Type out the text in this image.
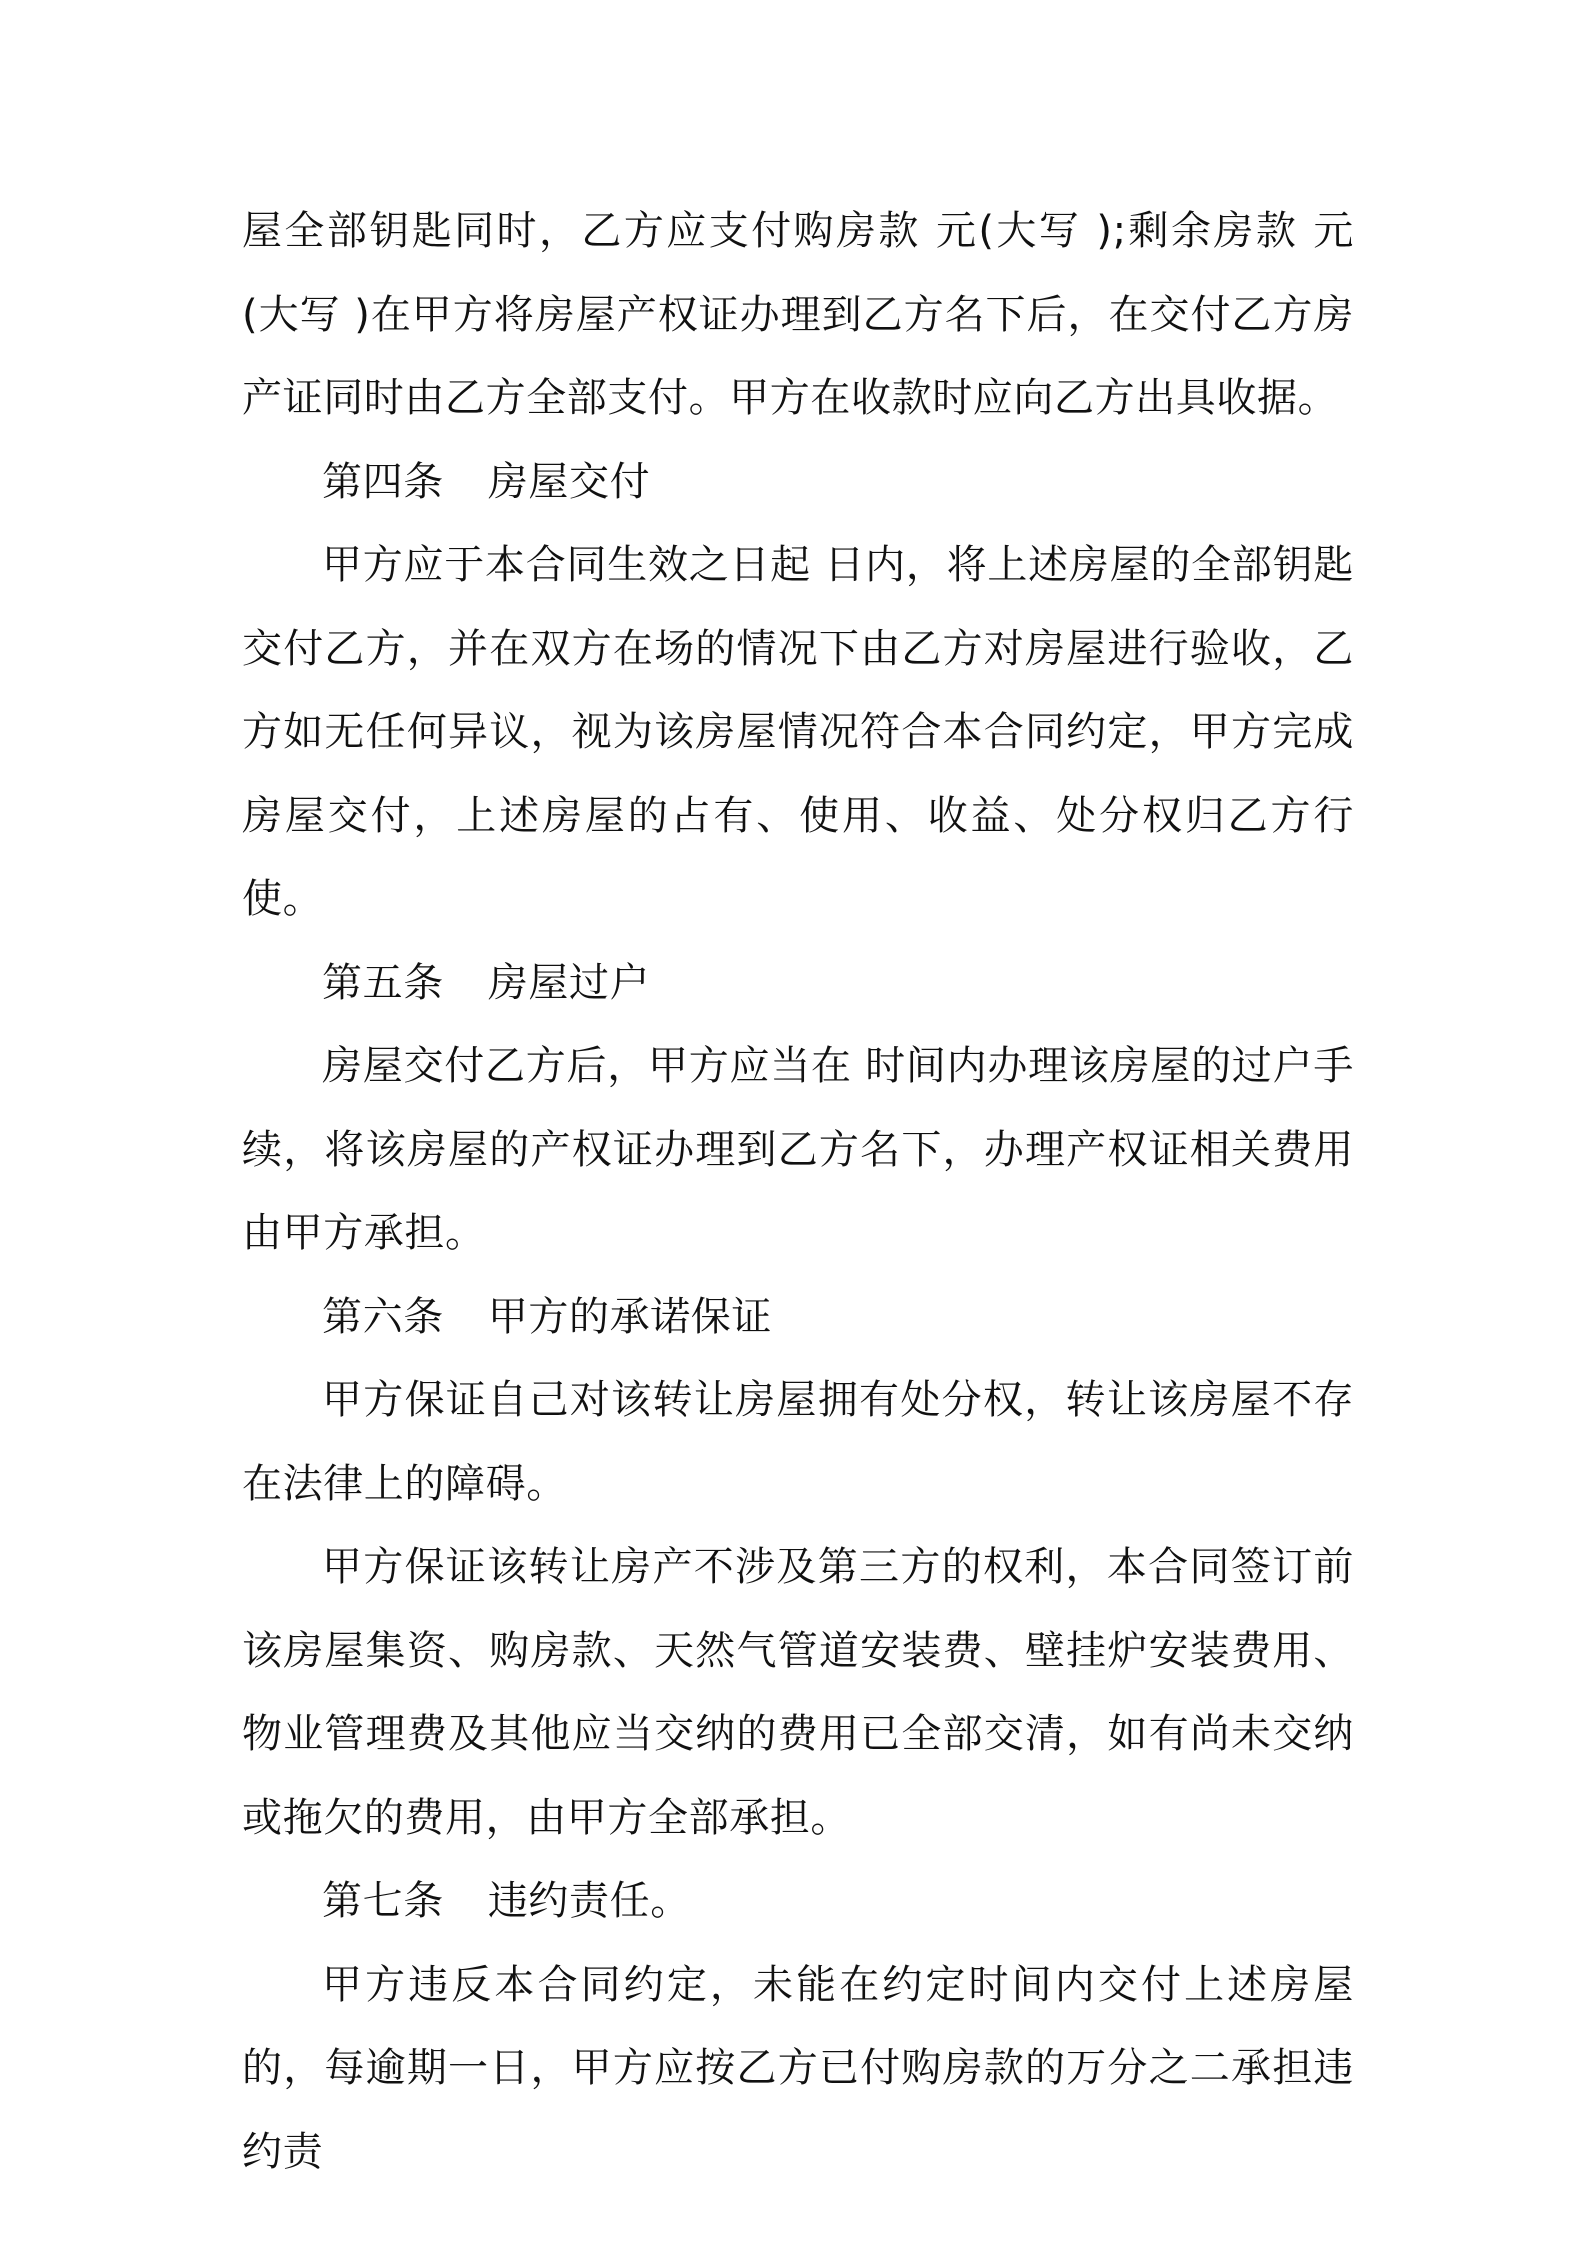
屋全部钥匙同时，乙方应支付购房款 元(大写 );剩余房款 元(大写 )在甲方将房屋产权证办理到乙方名下后，在交付乙方房产证同时由乙方全部支付。甲方在收款时应向乙方出具收据。

第四条 房屋交付

甲方应于本合同生效之日起 日内，将上述房屋的全部钥匙交付乙方，并在双方在场的情况下由乙方对房屋进行验收，乙方如无任何异议，视为该房屋情况符合本合同约定，甲方完成房屋交付，上述房屋的占有、使用、收益、处分权归乙方行使。

第五条 房屋过户

房屋交付乙方后，甲方应当在 时间内办理该房屋的过户手续，将该房屋的产权证办理到乙方名下，办理产权证相关费用由甲方承担。

第六条 甲方的承诺保证

甲方保证自己对该转让房屋拥有处分权，转让该房屋不存在法律上的障碍。

甲方保证该转让房产不涉及第三方的权利，本合同签订前该房屋集资、购房款、天然气管道安装费、壁挂炉安装费用、物业管理费及其他应当交纳的费用已全部交清，如有尚未交纳或拖欠的费用，由甲方全部承担。

第七条 违约责任。

甲方违反本合同约定，未能在约定时间内交付上述房屋的，每逾期一日，甲方应按乙方已付购房款的万分之二承担违约责
